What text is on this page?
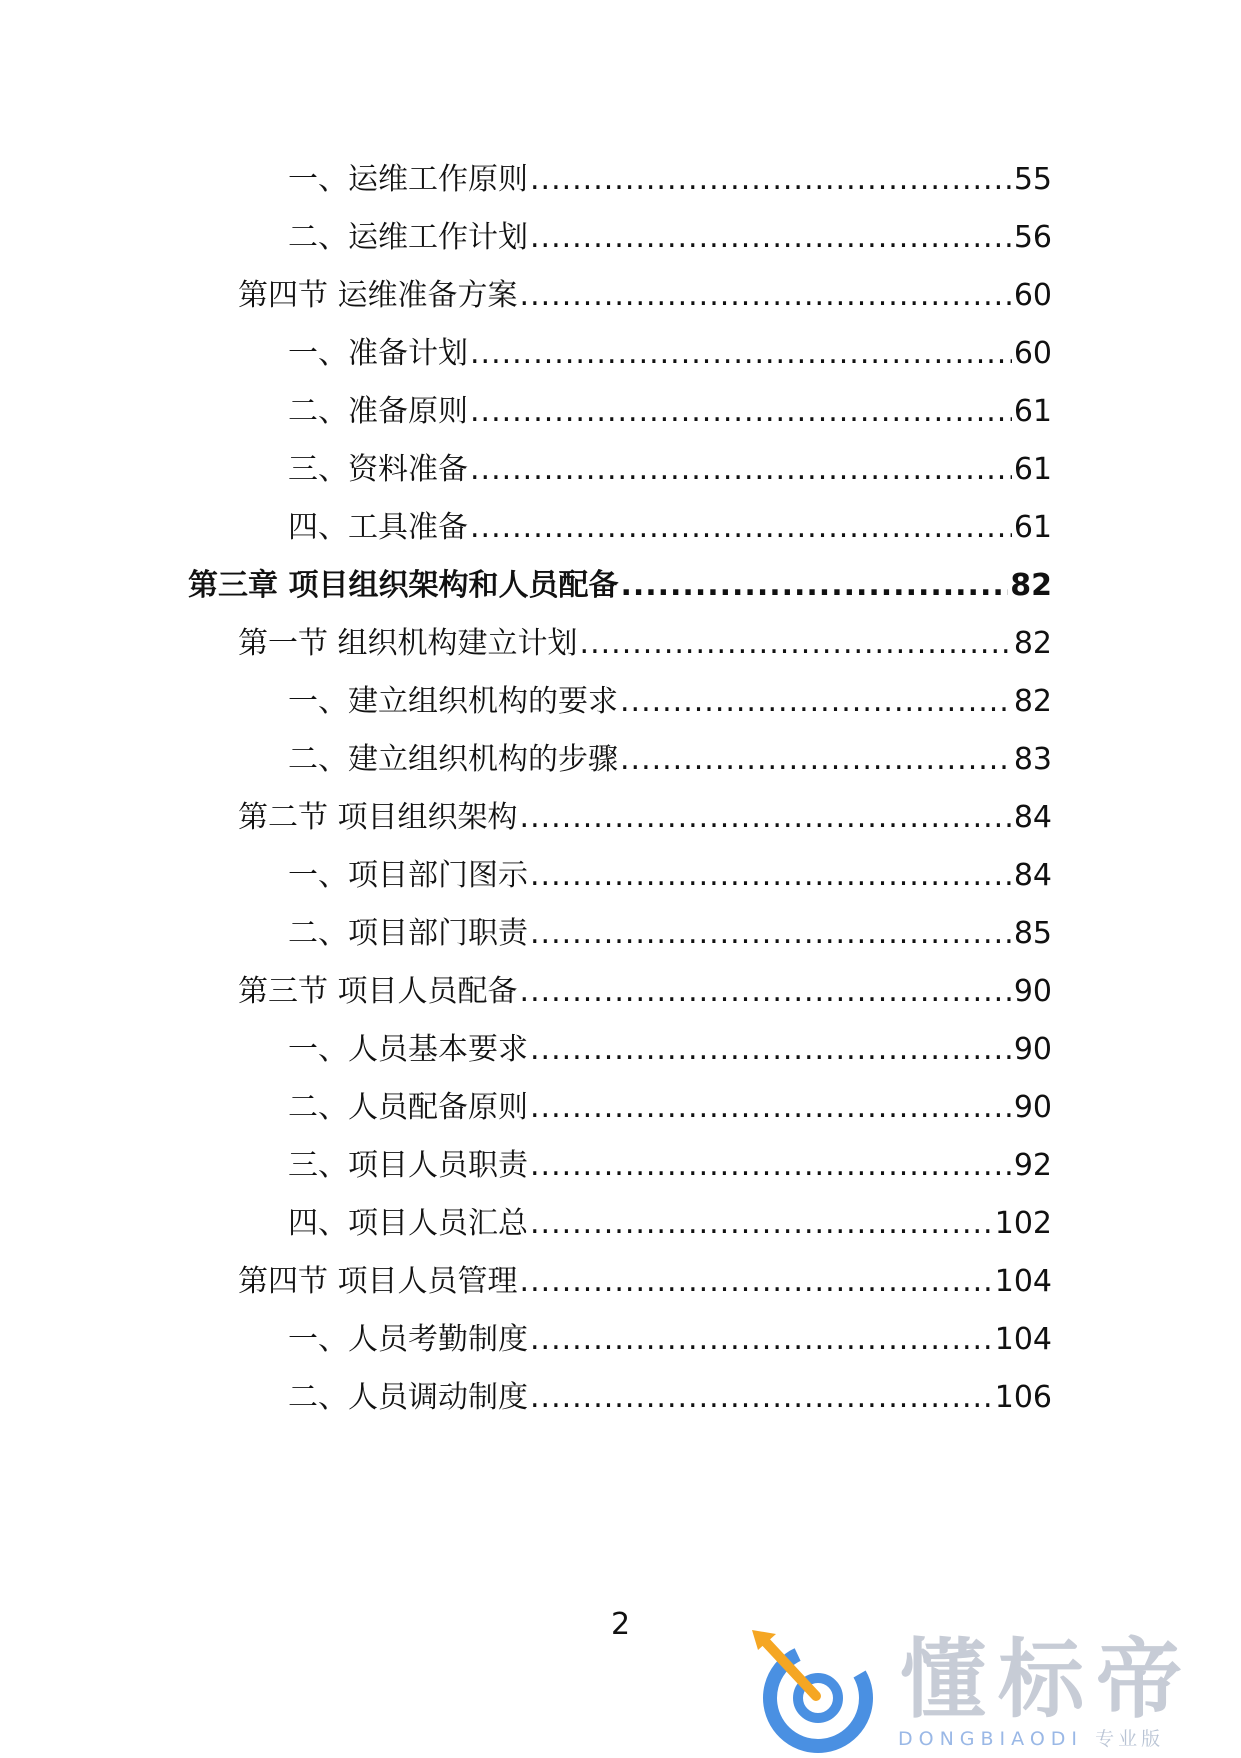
一、运维工作原则 .....	55
二、运维工作计划 .....	56
第四节 运维准备方案 .....	60
一、准备计划 .....	60
二、准备原则 .....	61
三、资料准备 .....	61
四、工具准备 .....	61
第三章 项目组织架构和人员配备 .....	82
第一节 组织机构建立计划 .....	82
一、建立组织机构的要求 .....	82
二、建立组织机构的步骤 .....	83
第二节 项目组织架构 .....	84
一、项目部门图示 .....	84
二、项目部门职责 .....	85
第三节 项目人员配备 .....	90
一、人员基本要求 .....	90
二、人员配备原则 .....	90
三、项目人员职责 .....	92
四、项目人员汇总 .....	102
第四节 项目人员管理 .....	104
一、人员考勤制度 .....	104
二、人员调动制度 .....	106
2
懂标帝
DONGBIAODI 专业版
